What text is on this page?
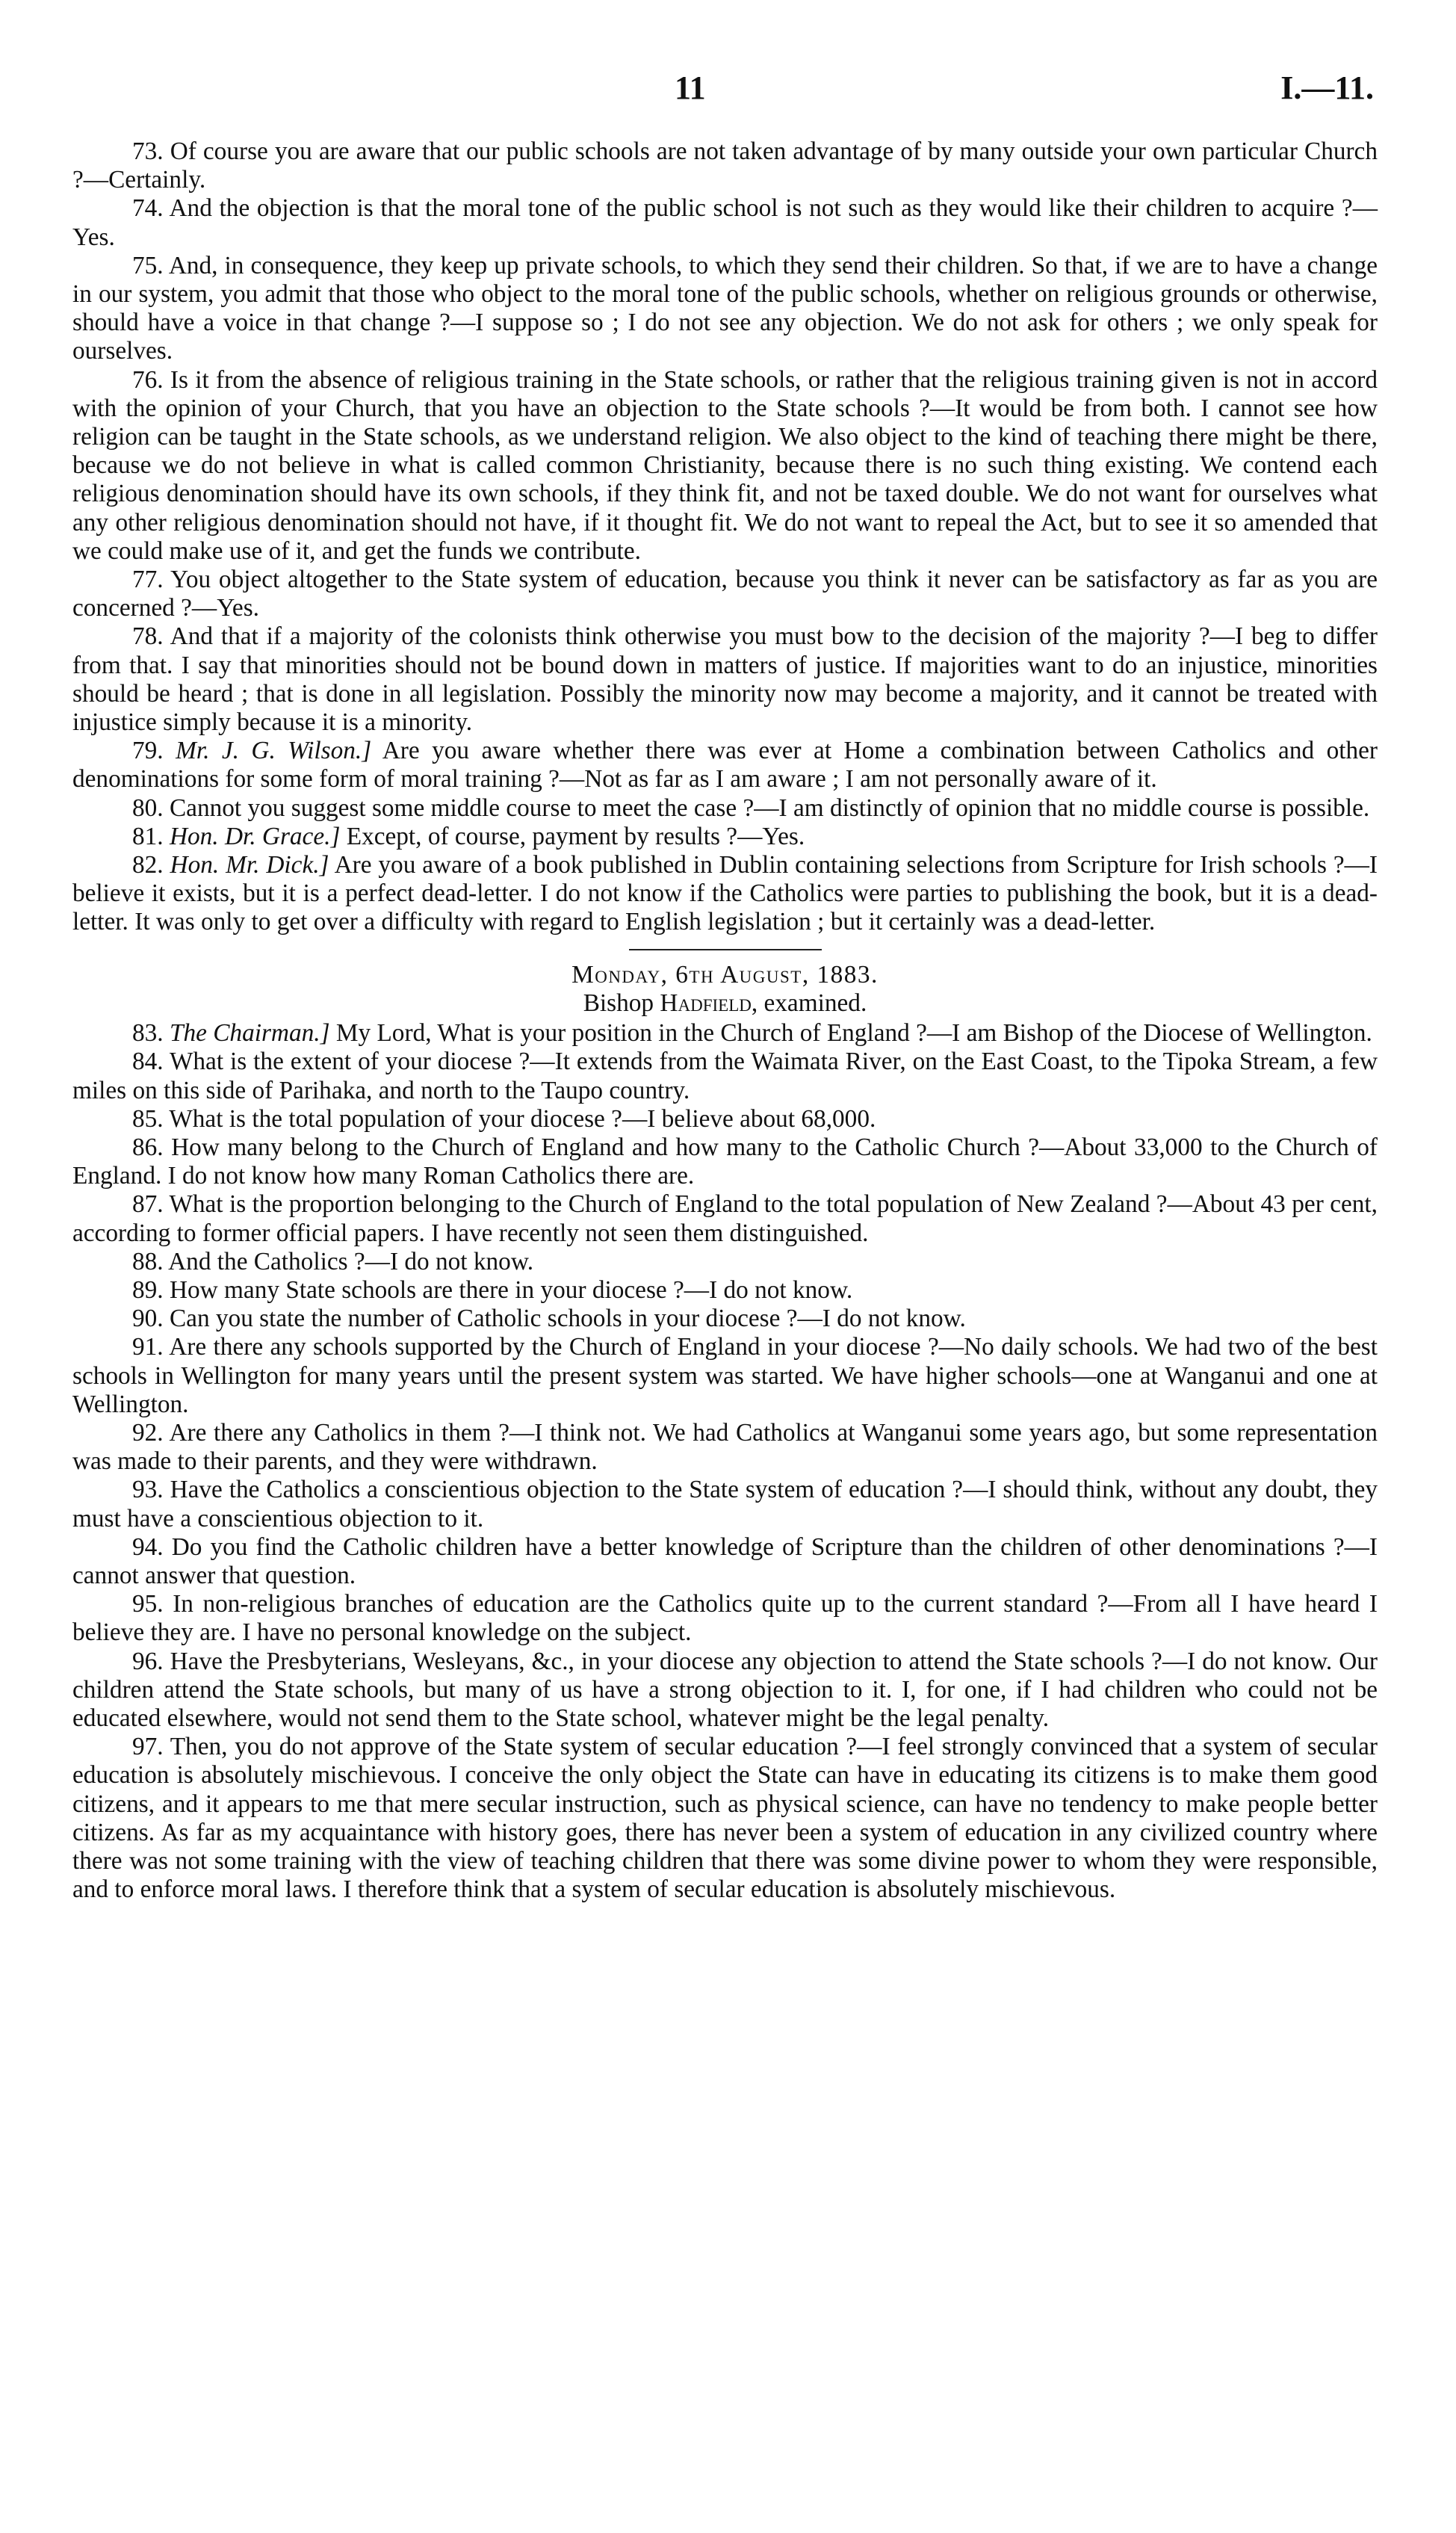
11	I.—11.

73. Of course you are aware that our public schools are not taken advantage of by many outside your own particular Church ?—Certainly.

74. And the objection is that the moral tone of the public school is not such as they would like their children to acquire ?—Yes.

75. And, in consequence, they keep up private schools, to which they send their children. So that, if we are to have a change in our system, you admit that those who object to the moral tone of the public schools, whether on religious grounds or otherwise, should have a voice in that change ?—I suppose so ; I do not see any objection. We do not ask for others ; we only speak for ourselves.

76. Is it from the absence of religious training in the State schools, or rather that the religious training given is not in accord with the opinion of your Church, that you have an objection to the State schools ?—It would be from both. I cannot see how religion can be taught in the State schools, as we understand religion. We also object to the kind of teaching there might be there, because we do not believe in what is called common Christianity, because there is no such thing existing. We contend each religious denomination should have its own schools, if they think fit, and not be taxed double. We do not want for ourselves what any other religious denomination should not have, if it thought fit. We do not want to repeal the Act, but to see it so amended that we could make use of it, and get the funds we contribute.

77. You object altogether to the State system of education, because you think it never can be satisfactory as far as you are concerned ?—Yes.

78. And that if a majority of the colonists think otherwise you must bow to the decision of the majority ?—I beg to differ from that. I say that minorities should not be bound down in matters of justice. If majorities want to do an injustice, minorities should be heard ; that is done in all legislation. Possibly the minority now may become a majority, and it cannot be treated with injustice simply because it is a minority.

79. Mr. J. G. Wilson.] Are you aware whether there was ever at Home a combination between Catholics and other denominations for some form of moral training ?—Not as far as I am aware ; I am not personally aware of it.

80. Cannot you suggest some middle course to meet the case ?—I am distinctly of opinion that no middle course is possible.

81. Hon. Dr. Grace.] Except, of course, payment by results ?—Yes.

82. Hon. Mr. Dick.] Are you aware of a book published in Dublin containing selections from Scripture for Irish schools ?—I believe it exists, but it is a perfect dead-letter. I do not know if the Catholics were parties to publishing the book, but it is a dead-letter. It was only to get over a difficulty with regard to English legislation ; but it certainly was a dead-letter.

Monday, 6th August, 1883.

Bishop Hadfield, examined.

83. The Chairman.] My Lord, What is your position in the Church of England ?—I am Bishop of the Diocese of Wellington.

84. What is the extent of your diocese ?—It extends from the Waimata River, on the East Coast, to the Tipoka Stream, a few miles on this side of Parihaka, and north to the Taupo country.

85. What is the total population of your diocese ?—I believe about 68,000.

86. How many belong to the Church of England and how many to the Catholic Church ?—About 33,000 to the Church of England. I do not know how many Roman Catholics there are.

87. What is the proportion belonging to the Church of England to the total population of New Zealand ?—About 43 per cent, according to former official papers. I have recently not seen them distinguished.

88. And the Catholics ?—I do not know.

89. How many State schools are there in your diocese ?—I do not know.

90. Can you state the number of Catholic schools in your diocese ?—I do not know.

91. Are there any schools supported by the Church of England in your diocese ?—No daily schools. We had two of the best schools in Wellington for many years until the present system was started. We have higher schools—one at Wanganui and one at Wellington.

92. Are there any Catholics in them ?—I think not. We had Catholics at Wanganui some years ago, but some representation was made to their parents, and they were withdrawn.

93. Have the Catholics a conscientious objection to the State system of education ?—I should think, without any doubt, they must have a conscientious objection to it.

94. Do you find the Catholic children have a better knowledge of Scripture than the children of other denominations ?—I cannot answer that question.

95. In non-religious branches of education are the Catholics quite up to the current standard ?—From all I have heard I believe they are. I have no personal knowledge on the subject.

96. Have the Presbyterians, Wesleyans, &c., in your diocese any objection to attend the State schools ?—I do not know. Our children attend the State schools, but many of us have a strong objection to it. I, for one, if I had children who could not be educated elsewhere, would not send them to the State school, whatever might be the legal penalty.

97. Then, you do not approve of the State system of secular education ?—I feel strongly convinced that a system of secular education is absolutely mischievous. I conceive the only object the State can have in educating its citizens is to make them good citizens, and it appears to me that mere secular instruction, such as physical science, can have no tendency to make people better citizens. As far as my acquaintance with history goes, there has never been a system of education in any civilized country where there was not some training with the view of teaching children that there was some divine power to whom they were responsible, and to enforce moral laws. I therefore think that a system of secular education is absolutely mischievous.
